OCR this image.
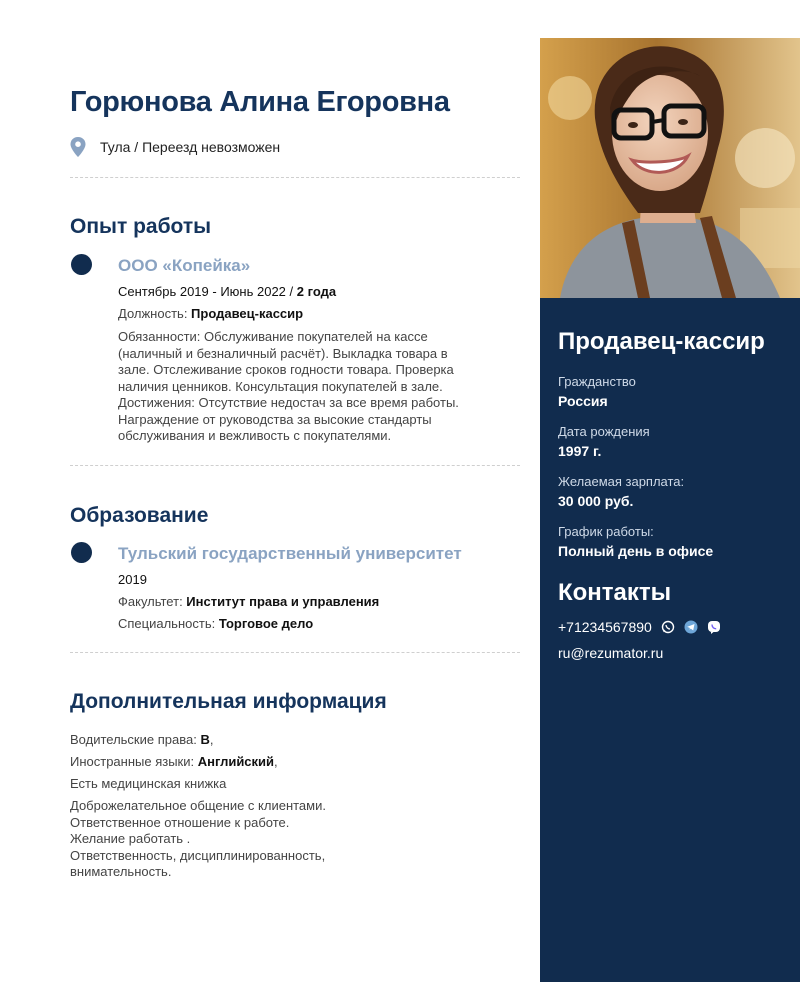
Горюнова Алина Егоровна
Тула / Переезд невозможен
Опыт работы
ООО «Копейка»
Сентябрь 2019 - Июнь 2022 / 2 года
Должность: Продавец-кассир
Обязанности: Обслуживание покупателей на кассе
(наличный и безналичный расчёт). Выкладка товара в
зале. Отслеживание сроков годности товара. Проверка
наличия ценников. Консультация покупателей в зале.
Достижения: Отсутствие недостач за все время работы.
Награждение от руководства за высокие стандарты
обслуживания и вежливость с покупателями.
Образование
Тульский государственный университет
2019
Факультет: Институт права и управления
Специальность: Торговое дело
Дополнительная информация
Водительские права: B,
Иностранные языки: Английский,
Есть медицинская книжка
Доброжелательное общение с клиентами.
Ответственное отношение к работе.
Желание работать .
Ответственность, дисциплинированность,
внимательность.
Продавец-кассир
Гражданство
Россия
Дата рождения
1997 г.
Желаемая зарплата:
30 000 руб.
График работы:
Полный день в офисе
Контакты
+71234567890
ru@rezumator.ru
